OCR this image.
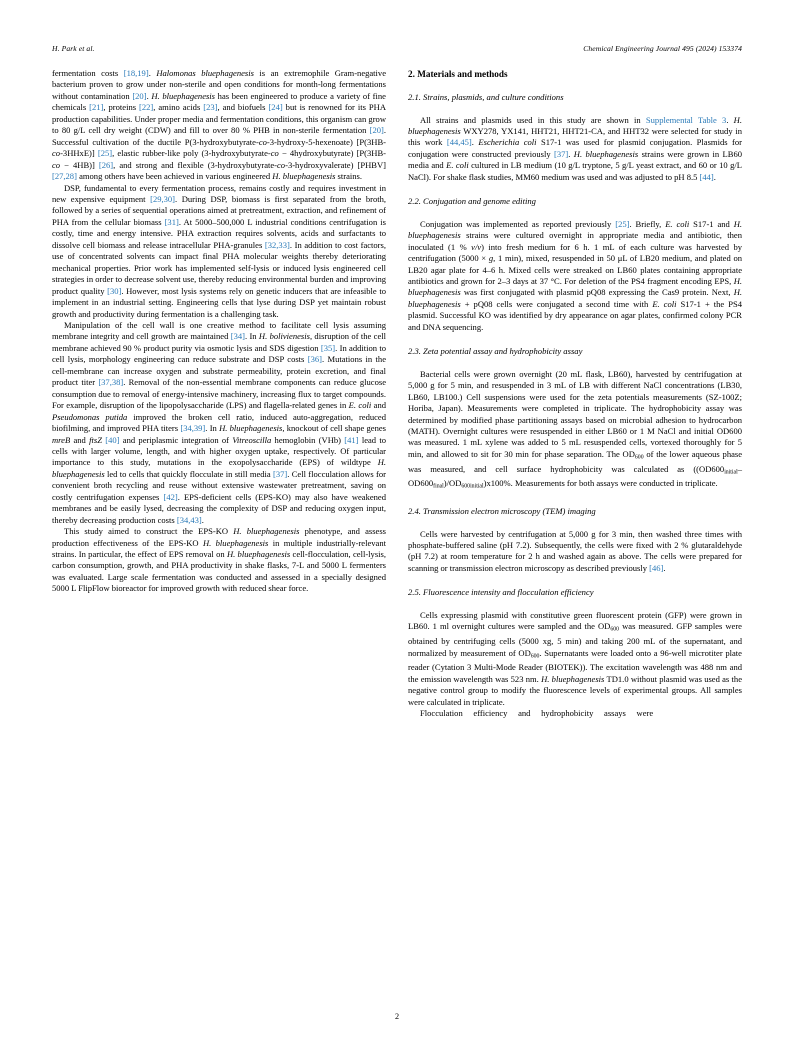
H. Park et al.	Chemical Engineering Journal 495 (2024) 153374

fermentation costs [18,19]. Halomonas bluephagenesis is an extremophile Gram-negative bacterium proven to grow under non-sterile and open conditions for month-long fermentations without contamination [20]. H. bluephagenesis has been engineered to produce a variety of fine chemicals [21], proteins [22], amino acids [23], and biofuels [24] but is renowned for its PHA production capabilities. Under proper media and fermentation conditions, this organism can grow to 80 g/L cell dry weight (CDW) and fill to over 80 % PHB in non-sterile fermentation [20]. Successful cultivation of the ductile P(3-hydroxybutyrate-co-3-hydroxy-5-hexenoate) [P(3HB-co-3HHxE)] [25], elastic rubber-like poly (3-hydroxybutyrate-co − 4hydroxybutyrate) [P(3HB-co − 4HB)] [26], and strong and flexible (3-hydroxybutyrate-co-3-hydroxyvalerate) [PHBV] [27,28] among others have been achieved in various engineered H. bluephagenesis strains.

DSP, fundamental to every fermentation process, remains costly and requires investment in new expensive equipment [29,30]. During DSP, biomass is first separated from the broth, followed by a series of sequential operations aimed at pretreatment, extraction, and refinement of PHA from the cellular biomass [31]. At 5000–500,000 L industrial conditions centrifugation is costly, time and energy intensive. PHA extraction requires solvents, acids and surfactants to dissolve cell biomass and release intracellular PHA-granules [32,33]. In addition to cost factors, use of concentrated solvents can impact final PHA molecular weights thereby deteriorating mechanical properties. Prior work has implemented self-lysis or induced lysis engineered cell strategies in order to decrease solvent use, thereby reducing environmental burden and improving product quality [30]. However, most lysis systems rely on genetic inducers that are infeasible to implement in an industrial setting. Engineering cells that lyse during DSP yet maintain robust growth and productivity during fermentation is a challenging task.

Manipulation of the cell wall is one creative method to facilitate cell lysis assuming membrane integrity and cell growth are maintained [34]. In H. bolivienesis, disruption of the cell membrane achieved 90 % product purity via osmotic lysis and SDS digestion [35]. In addition to cell lysis, morphology engineering can reduce substrate and DSP costs [36]. Mutations in the cell-membrane can increase oxygen and substrate permeability, protein excretion, and final product titer [37,38]. Removal of the non-essential membrane components can reduce glucose consumption due to removal of energy-intensive machinery, increasing flux to target compounds. For example, disruption of the lipopolysaccharide (LPS) and flagella-related genes in E. coli and Pseudomonas putida improved the broken cell ratio, induced auto-aggregation, reduced biofilming, and improved PHA titers [34,39]. In H. bluephagenesis, knockout of cell shape genes mreB and ftsZ [40] and periplasmic integration of Vitreoscilla hemoglobin (VHb) [41] lead to cells with larger volume, length, and with higher oxygen uptake, respectively. Of particular importance to this study, mutations in the exopolysaccharide (EPS) of wildtype H. bluephagenesis led to cells that quickly flocculate in still media [37]. Cell flocculation allows for convenient broth recycling and reuse without extensive wastewater pretreatment, saving on costly centrifugation expenses [42]. EPS-deficient cells (EPS-KO) may also have weakened membranes and be easily lysed, decreasing the complexity of DSP and reducing oxygen input, thereby decreasing production costs [34,43].

This study aimed to construct the EPS-KO H. bluephagenesis phenotype, and assess production effectiveness of the EPS-KO H. bluephagenesis in multiple industrially-relevant strains. In particular, the effect of EPS removal on H. bluephagenesis cell-flocculation, cell-lysis, carbon consumption, growth, and PHA productivity in shake flasks, 7-L and 5000 L fermenters was evaluated. Large scale fermentation was conducted and assessed in a specially designed 5000 L FlipFlow bioreactor for improved growth with reduced shear force.

2. Materials and methods
2.1. Strains, plasmids, and culture conditions

All strains and plasmids used in this study are shown in Supplemental Table 3. H. bluephagenesis WXY278, YX141, HHT21, HHT21-CA, and HHT32 were selected for study in this work [44,45]. Escherichia coli S17-1 was used for plasmid conjugation. Plasmids for conjugation were constructed previously [37]. H. bluephagenesis strains were grown in LB60 media and E. coli cultured in LB medium (10 g/L tryptone, 5 g/L yeast extract, and 60 or 10 g/L NaCl). For shake flask studies, MM60 medium was used and was adjusted to pH 8.5 [44].

2.2. Conjugation and genome editing

Conjugation was implemented as reported previously [25]. Briefly, E. coli S17-1 and H. bluephagenesis strains were cultured overnight in appropriate media and antibiotic, then inoculated (1 % v/v) into fresh medium for 6 h. 1 mL of each culture was harvested by centrifugation (5000 × g, 1 min), mixed, resuspended in 50 μL of LB20 medium, and plated on LB20 agar plate for 4–6 h. Mixed cells were streaked on LB60 plates containing appropriate antibiotics and grown for 2–3 days at 37 °C. For deletion of the PS4 fragment encoding EPS, H. bluephagenesis was first conjugated with plasmid pQ08 expressing the Cas9 protein. Next, H. bluephagenesis + pQ08 cells were conjugated a second time with E. coli S17-1 + the PS4 plasmid. Successful KO was identified by dry appearance on agar plates, confirmed colony PCR and DNA sequencing.

2.3. Zeta potential assay and hydrophobicity assay

Bacterial cells were grown overnight (20 mL flask, LB60), harvested by centrifugation at 5,000 g for 5 min, and resuspended in 3 mL of LB with different NaCl concentrations (LB30, LB60, LB100.) Cell suspensions were used for the zeta potentials measurements (SZ-100Z; Horiba, Japan). Measurements were completed in triplicate. The hydrophobicity assay was determined by modified phase partitioning assays based on microbial adhesion to hydrocarbon (MATH). Overnight cultures were resuspended in either LB60 or 1 M NaCl and initial OD600 was measured. 1 mL xylene was added to 5 mL resuspended cells, vortexed thoroughly for 5 min, and allowed to sit for 30 min for phase separation. The $OD_{600}$ of the lower aqueous phase was measured, and cell surface hydrophobicity was calculated as $((OD600_{initial}-OD600_{final})/OD_{600initial})x100\%$. Measurements for both assays were conducted in triplicate.

2.4. Transmission electron microscopy (TEM) imaging

Cells were harvested by centrifugation at 5,000 g for 3 min, then washed three times with phosphate-buffered saline (pH 7.2). Subsequently, the cells were fixed with 2 % glutaraldehyde (pH 7.2) at room temperature for 2 h and washed again as above. The cells were prepared for scanning or transmission electron microscopy as described previously [46].

2.5. Fluorescence intensity and flocculation efficiency

Cells expressing plasmid with constitutive green fluorescent protein (GFP) were grown in LB60. 1 ml overnight cultures were sampled and the $OD_{600}$ was measured. GFP samples were obtained by centrifuging cells (5000 xg, 5 min) and taking 200 mL of the supernatant, and normalized by measurement of $OD_{600}$. Supernatants were loaded onto a 96-well microtiter plate reader (Cytation 3 Multi-Mode Reader (BIOTEK)). The excitation wavelength was 488 nm and the emission wavelength was 523 nm. H. bluephagenesis TD1.0 without plasmid was used as the negative control group to modify the fluorescence levels of experimental groups. All samples were calculated in triplicate.

Flocculation     efficiency     and     hydrophobicity     assays     were

2
